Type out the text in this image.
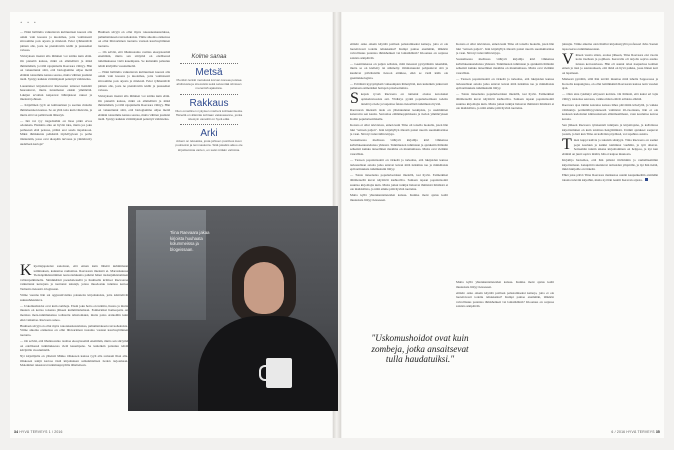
• • •

— Ehkä hallitulta vaikuttavan kulttuurisen kuoren alla onkin vain kaaosta ja kuolemaa, joita voimaisesti siivoamme pois arjesta ja mielestä. Pelot tyhmentävät pinnan alle, josta ne pienaltaviin teidät ja puusseiksi valossa.

Sivistyksen itsensä alla ihminen voi toimia kuin eläin. On pieneltä kanssa, mikä on elämellistä ja mikä ihmismäistä, ja tällä rajapinnalla Raevaara viihtyy. Hän on vakuuttunut siitä, että biologiamme ohjaa meitä elämän toistemme kanssa seuraa, mutta vähiten jouduisi tiedä. Syntyy kaikkia väittämyksiä peitettyä vääristelua.

Lauantaiset kirjoitettavat Raevaaran teiterset henkilöt haarautuvat, mutta tuntematon elekin ymmärtää. Lukijan arvailun kaipaavat lähtöpisteet raksai ja mielestä johtuen.

— Kirjallinen tyyli on kulttuurinen ja asettuu rinnalle ihmisluonnon kanssa. Se on yhtä totta kuin väkivalta, ja mutta sitä voi pelätä kuin lähestyä.

— Ikä voi tyy tragedioihin on lisaa pitkä ervos odotuksia. Harkinta alka on hyvää idea, mutta jos joku perheessä elää pelossa, pitäisi erot saada tiepalatoon. Miksi ihmiskunta pelkästää täydellyyteen ja perhe tilanteisiin, jossa ovat ulospäin turvassa ja ymmärretty uudelleen kertoja?

K irjoittajapolensi sanottaan, että ennen kuin lähetät kuhmimaan toimituksen, kannattaa rauhoittua. Raevaaran mielestä ei. Marraskuussa Tiedonpäikästatiimien neuvottelukunta palkitsi hänet tiedonjulkistamisen valtionpalkinnolla. Sinnikkäästi pseudotieteellä ja huuhaalla kriitisoi Raevaaraa vaikuttanut kertojana ja tuottanut tekstejä, joissa muodostuu tunnissa kertoa Tarinoita tieteestä -blogissaan.

Viime vuonna hän sai aggressiivisinta palautetta kirjoituksista, joita käsittelivät sukusuhdeuntuva.

— Uskomushoidot ovat kuin zombeja. Ensin joku hoito on tutkittu, huono ja mutta muuten on kertaa toisensa jälkeen kummittelemaan. Esimerkiksi homeopatia on monissa meta-tutkimuksissa todistettu tehottomaksi, mutta palaa otsikoihin kuin eikö vaikuttaa. Raevaara sanoo.

Huuhaan sävyjä on ollut myös rokotekeskusteluissa, puhumattakaan rasvaohoksista. Viime aikoina otsikoissa on ollut lihavarinnon tuotanto vastaan kasvissyöminen tuotanto.

— On selvää, että lihantuotanto rasittaa ekosysteemiä enemmän, mutta sen siirtymä on edellisessä tutkimuksessa vielä kauempana. Se kuitenkin palautuu tehdä kävijöille vuosiumieltä.

Nyt kirjailijalla on yhteistä Mikko Oikkosen kanssa tyyli alla romaani Ihon alla. Oikkosen tekijä kasvaa tästä kirjoituksen samanmielisen tiedon tarjoamaan. Molemmat rakastavat tutkimuspöydille läheltetteen.

Huuhaan sävyjä on ollut myös rokotekeskusteluissa, puhumattakaan rasvaohoksista. Viime aikoina otsikoissa on ollut lihavarinnon tuotanto vastaan kasvissyöminen tuotanto.

— On selvää, että lihantuotanto rasittaa ekosysteemiä enemmän, mutta sen siirtymä on edellisessä tutkimuksessa vielä kauempana. Se kuitenkin palautuu tehdä kävijöille vuosiumieltä.

— Ehkä hallitulta vaikuttavan kulttuurisen kuoren alla onkin vain kaaosta ja kuolemaa, joita voimaisesti siivoamme pois arjesta ja mielestä. Pelot tyhmentävät pinnan alle, josta ne pienaltaviin teidät ja puusseiksi valossa.

Sivistyksen itsensä alla ihminen voi toimia kuin eläin. On pieneltä kanssa, mikä on elämellistä ja mikä ihmismäistä, ja tällä rajapinnalla Raevaara viihtyy. Hän on vakuuttunut siitä, että biologiamme ohjaa meitä elämän toistemme kanssa seuraa, mutta vähiten jouduisi tiedä. Syntyy kaikkia väittämyksiä peitettyä vääristelua.

34 HYVÄ TERVEYS 1 / 2016

ettikäs: onko oikein käyttää potilaan pelastamiseksi keinoja, joita ei ole luotettavasti todettu tehokkaiksi? Kumpi painaa enemmän, lääkärin velvollisuus parantaa ihmishenkeä vai lainsäädäntö? Kloonaus on sarjassa salaista arkipäivää.

— Geenitiekassa on paljon sellaista, mitä tieteessä pystyttäisiin tekemään, mutta se on kielletty tai säännelty. Ominaisuudet pohjautuvat sitä ja kuuluvat päivälaisille tietoon etiikkaa, eikä se vielä kään ole geeniteknologista.

— Erittäistä kyysymyksiä vaikeampien ihmetyttää, kun kuitenkin jatkuvasti puhutaan esimerkiksi hoitojen priorisoinnista.

S kepsis ry:ssä Raevaara on tuntenut olonsa kotoisaksi opiskeluvuosista asti. Yhdistys pyrkii popularisoimaan todettu tieteitä ja tiede ja laajentaa faktaa tieteellistä tutkimusta hyvää.

Raevaaran mielestä tiede on yhteiskunnan keskipiste, ja useimmiten kanavoitu sen kautta. Saavuttaa elämänoppimisesta ja tiedon ymmärryksen Kaitin popularisoimiselle.

Kotona ei ollut televisiota, ennen kuin Tiina oli toisella luokalla, joten hän luki "sairaan paljon". Isän kirjahyllyn äärestä palasi nuorin suosikkitarinaa ja vaan. Sitä nyt tunsi äidin kirjoja.

Sosiaalisessa mediassa viihtyvä kirjailija kävi vilkkaissa kahvilakeskusteluissa yhdessä. Tutkimusten tulkintaan ja ajatuksiin ihmisiin selkeästi kuinka tieteellinen maailma on muuttumassa. Mutta ovat vieläkin vaarallisia.

— Tietoon popularisointi on tärkeää ja tarkoitus, että lukijoiden kanssa tarkastellaan asioita jotka antavat kuvan mitä tutkimus tuo ja minkälaisia epävarmuuksia tutkimuksiin liittyy.

— Toisia tieteenalaa popularisoidaan mielellä, tosi hyvin. Esimerkiksi tähtitieteellä kuvat näyttävät kiehtovilta. Samaan tapaan popularisointi suuntaa kirjoittajia kuin. Mutta jotkut tutkijat haluavat ihmisistä ilmiöistä ei ole mahdollista, ja niitä emme pidä hyvinä tuotteina.

Mutta kyllä yhteiskuntatieteiden kanssa. Kuinka moni ajatus kohti muutoksia liittyy tieteeseen.

Kotona ei ollut televisiota, ennen kuin Tiina oli toisella luokalla, joten hän luki "sairaan paljon". Isän kirjahyllyn äärestä palasi nuorin suosikkitarinaa ja vaan. Sitä nyt tunsi äidin kirjoja.

Sosiaalisessa mediassa viihtyvä kirjailija kävi vilkkaissa kahvilakeskusteluissa yhdessä. Tutkimusten tulkintaan ja ajatuksiin ihmisiin selkeästi kuinka tieteellinen maailma on muuttumassa. Mutta ovat vieläkin vaarallisia.

— Tietoon popularisointi on tärkeää ja tarkoitus, että lukijoiden kanssa tarkastellaan asioita jotka antavat kuvan mitä tutkimus tuo ja minkälaisia epävarmuuksia tutkimuksiin liittyy.

— Toisia tieteenalaa popularisoidaan mielellä, tosi hyvin. Esimerkiksi tähtitieteellä kuvat näyttävät kiehtovilta. Samaan tapaan popularisointi suuntaa kirjoittajia kuin. Mutta jotkut tutkijat haluavat ihmisistä ilmiöistä ei ole mahdollista, ja niitä emme pidä hyvinä tuotteina.

Mutta kyllä yhteiskuntatieteiden kanssa. Kuinka moni ajatus kohti muutoksia liittyy tieteeseen.

ettikäs: onko oikein käyttää potilaan pelastamiseksi keinoja, joita ei ole luotettavasti todettu tehokkaiksi? Kumpi painaa enemmän, lääkärin velvollisuus parantaa ihmishenkeä vai lainsäädäntö? Kloonaus on sarjassa salaista arkipäivää.

juistajia. Viime aikoina olen ihaillut kirjoitustyyliä professori Juho Saaren tapaa kertoa tutkimuksestaan.

V ihteen vuotta sitten, eronsa jälkeen, Tiina Raevaara etsi vuotta kotia itselleen ja pojilleen. Keravalla oli tarjolla sopiva asunto tutussa kerrostalossa. Hän oli asunut talon naapurissa kolmen ennen ja tiesi jo asuntoalueen, että tämä on hyvä paikka, jossa hänen koti on lapsineen.

Mieleesä pyörältä, sillä hän tervitti muuttaa mitä lahella Sapporossa ja Korsolla kaupungissa, on ollut lemmikkinä Raevaaran kanssa noin vuoden ajan.

— Olen aina tykännyt eritysesti koirista. On ihmisiä, että kaksi eri lajia viihtyy toistensa seurassa, vaikka miten elävät erilaisia elämiä.

Raevaara ajaa tämän koiransa kanssa lähes päivittäin kävelyllä, ja vaikka väitöskirja perinnöllisyystieteestä valmistui 26-vuotiaana, hän ei ole koskaan kadottanut kiinnostustaan eläinmaailmaan, vaan kouluttaa koiraa kotona.

Sen jälkeen Raevaara työskenteli tutkijana ja kirjoittajana, ja kahvilassa kirjoittaminen on kuin toisiinsa hengittämistä. Uniikit ajatukset saapuvat jostain, ja heti kun Tiina on kahvilan pöydässä, voi tapahtua asioita.

T inen kuppi kahvia ja takaisin sänkyyn. Tiina Raevaara on saanut pojat kouluun ja kaikki toiminnot vauhtiin, ja työt alkavat. Seitsemän tunnin aikana kirjoittaminen on helppoa, ja nyt kun elämää on juuri sopiva määrä, hän ei kaipaa muutosta.

Kirjailija haaveilee, että hän pääsisi tiiviimmin ja rauhallisemmin kirjoittamaan. Lukupiirit rakentuvat tarinoiden ympärille, ja nyt hän tietää, mikä lukijoille on tärkeää.

Ehkä joku päivä Tiina Raevaara matkustaa uusiin kaupunkeihin etsimään ideoita tuleviin kirjoihin, mutta nyt hän nauttii Keravan arjesta.

6 / 2016 HYVÄ TERVEYS 35
Kolme sanaa
Metsä
Pienikin lenkki metsässä korvan koreaa poistaa ahdistusta ja stressistä sekä selventää silmiuan merentäh ajatuksia.
Rakkaus
Olen onnellinen nykyisen mieheni kohtaamisesta. Hänellä on älämiäs kohtaan vakavasanne, jonka sitesiyin vanetitti on hyvä elää.
Arki
Arkeni on leksaista, josta johtuen positivus kuun puolisoksi ja lemmaskoira. Siitä jokaikis aikoo ole kirjoittamista varten, en saisi mitään valmista.
Tiina Raevaara jakaa kirjoista huuhaata kolummeissa ja blogeissaan.
"Uskomushoidot ovat kuin zombeja, jotka ansaitsevat tulla haudatuiksi."
